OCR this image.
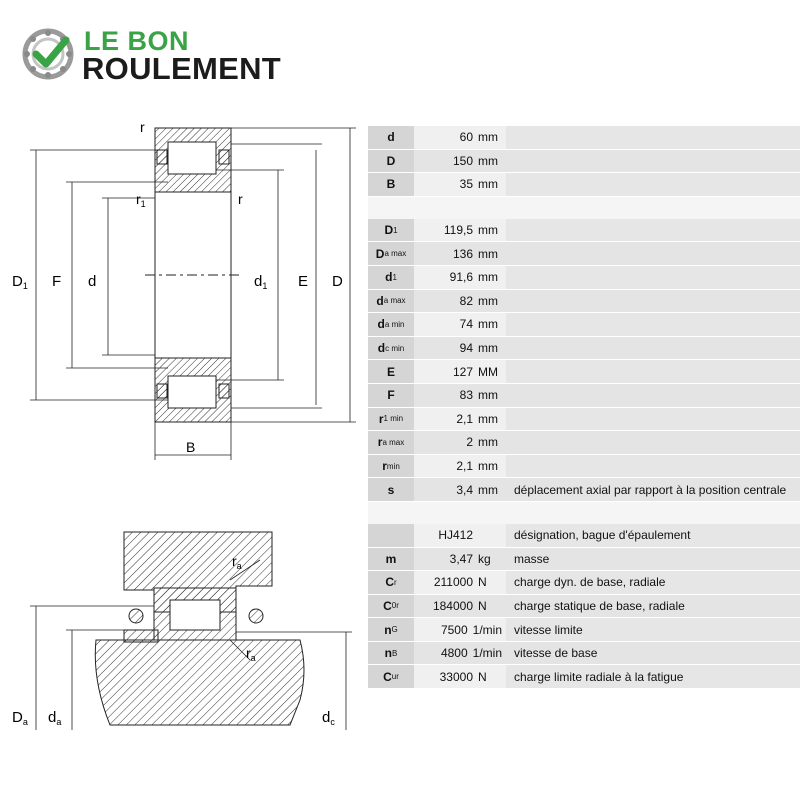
LE BON
ROULEMENT
r
$r_1$	r
$D_1$ F d	$d_1$ E D
B
$r_a$
$r_a$
$D_a$ $d_a$	$d_c$
d	60 mm
D	150 mm
B	35 mm
D 1	119,5 mm
D a max	136 mm
d 1	91,6 mm
d a max	82 mm
d a min	74 mm
d c min	94 mm
E	127 MM
F	83 mm
r 1 min	2,1 mm
r a max	2 mm
r min	2,1 mm
s	3,4 mm	déplacement axial par rapport à la position centrale
HJ412	désignation, bague d'épaulement
m	3,47 kg	masse
C r	211000 N	charge dyn. de base, radiale
C 0r	184000 N	charge statique de base, radiale
n G	7500 1/min	vitesse limite
n B	4800 1/min	vitesse de base
C ur	33000 N	charge limite radiale à la fatigue
